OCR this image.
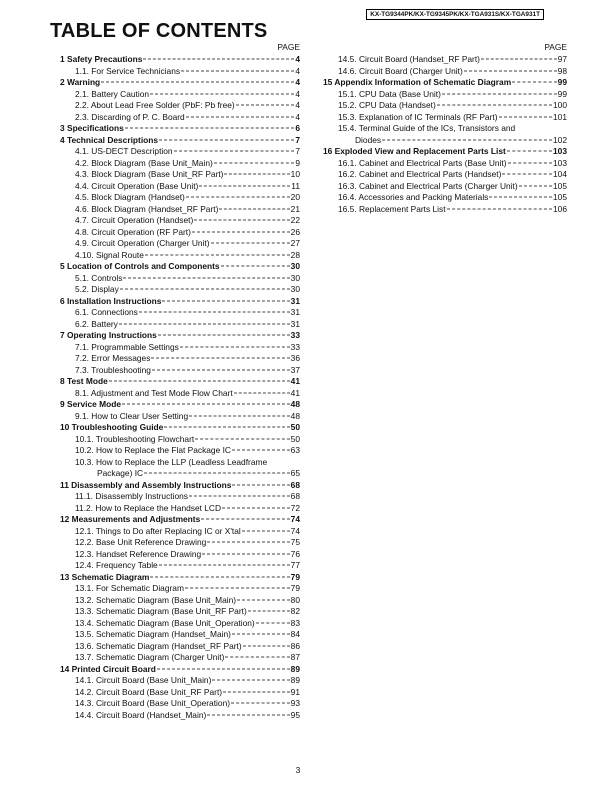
KX-TG9344PK/KX-TG9345PK/KX-TGA931S/KX-TGA931T
TABLE OF CONTENTS
PAGE
1 Safety Precautions	4
1.1. For Service Technicians	4
2 Warning	4
2.1. Battery Caution	4
2.2. About Lead Free Solder (PbF: Pb free)	4
2.3. Discarding of P. C. Board	4
3 Specifications	6
4 Technical Descriptions	7
4.1. US-DECT Description	7
4.2. Block Diagram (Base Unit_Main)	9
4.3. Block Diagram (Base Unit_RF Part)	10
4.4. Circuit Operation (Base Unit)	11
4.5. Block Diagram (Handset)	20
4.6. Block Diagram (Handset_RF Part)	21
4.7. Circuit Operation (Handset)	22
4.8. Circuit Operation (RF Part)	26
4.9. Circuit Operation (Charger Unit)	27
4.10. Signal Route	28
5 Location of Controls and Components	30
5.1. Controls	30
5.2. Display	30
6 Installation Instructions	31
6.1. Connections	31
6.2. Battery	31
7 Operating Instructions	33
7.1. Programmable Settings	33
7.2. Error Messages	36
7.3. Troubleshooting	37
8 Test Mode	41
8.1. Adjustment and Test Mode Flow Chart	41
9 Service Mode	48
9.1. How to Clear User Setting	48
10 Troubleshooting Guide	50
10.1. Troubleshooting Flowchart	50
10.2. How to Replace the Flat Package IC	63
10.3. How to Replace the LLP (Leadless Leadframe
Package) IC	65
11 Disassembly and Assembly Instructions	68
11.1. Disassembly Instructions	68
11.2. How to Replace the Handset LCD	72
12 Measurements and Adjustments	74
12.1. Things to Do after Replacing IC or X'tal	74
12.2. Base Unit Reference Drawing	75
12.3. Handset Reference Drawing	76
12.4. Frequency Table	77
13 Schematic Diagram	79
13.1. For Schematic Diagram	79
13.2. Schematic Diagram (Base Unit_Main)	80
13.3. Schematic Diagram (Base Unit_RF Part)	82
13.4. Schematic Diagram (Base Unit_Operation)	83
13.5. Schematic Diagram (Handset_Main)	84
13.6. Schematic Diagram (Handset_RF Part)	86
13.7. Schematic Diagram (Charger Unit)	87
14 Printed Circuit Board	89
14.1. Circuit Board (Base Unit_Main)	89
14.2. Circuit Board (Base Unit_RF Part)	91
14.3. Circuit Board (Base Unit_Operation)	93
14.4. Circuit Board (Handset_Main)	95
PAGE
14.5. Circuit Board (Handset_RF Part)	97
14.6. Circuit Board (Charger Unit)	98
15 Appendix Information of Schematic Diagram	99
15.1. CPU Data (Base Unit)	99
15.2. CPU Data (Handset)	100
15.3. Explanation of IC Terminals (RF Part)	101
15.4. Terminal Guide of the ICs, Transistors and
Diodes	102
16 Exploded View and Replacement Parts List	103
16.1. Cabinet and Electrical Parts (Base Unit)	103
16.2. Cabinet and Electrical Parts (Handset)	104
16.3. Cabinet and Electrical Parts (Charger Unit)	105
16.4. Accessories and Packing Materials	105
16.5. Replacement Parts List	106
3
